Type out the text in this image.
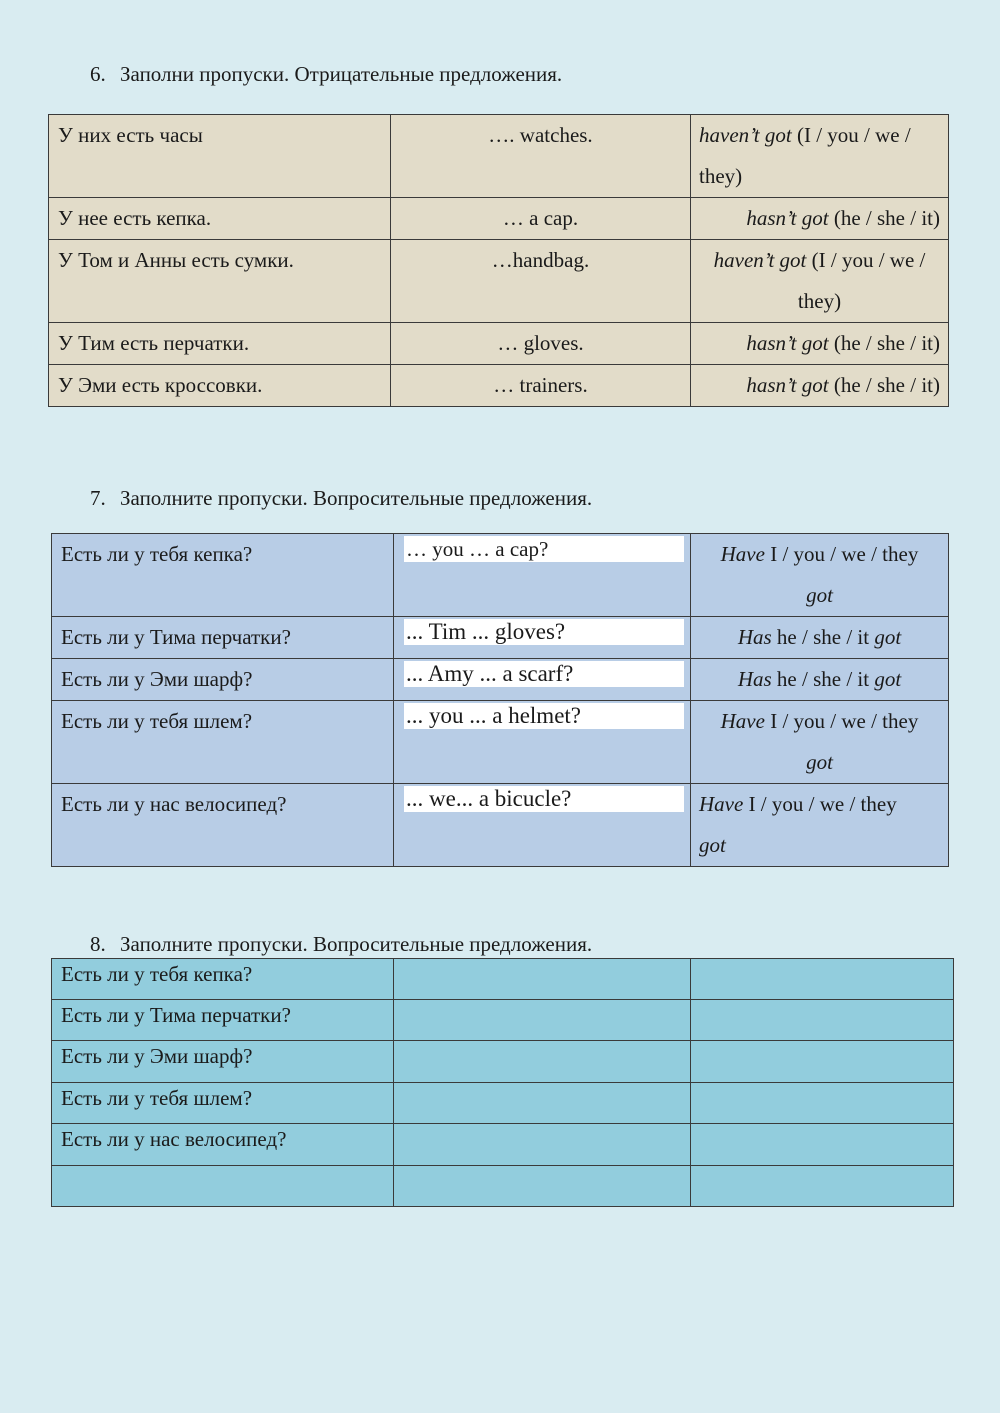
6. Заполни пропуски. Отрицательные предложения.
У них есть часы	…. watches.	haven’t got (I / you / we / they)

У нее есть кепка.	… a cap.	hasn’t got (he / she / it)

У Том и Анны есть сумки.	…handbag.	haven’t got (I / you / we / they)

У Тим есть перчатки.	… gloves.	hasn’t got (he / she / it)

У Эми есть кроссовки.	… trainers.	hasn’t got (he / she / it)
7. Заполните пропуски. Вопросительные предложения.
Есть ли у тебя кепка?	… you … a cap?	Have I / you / we / they
got

Есть ли у Тима перчатки?	... Tim ... gloves?	Has he / she / it got

Есть ли у Эми шарф?	... Amy ... a scarf?	Has he / she / it got

Есть ли у тебя шлем?	... you ... a helmet?	Have I / you / we / they
got

Есть ли у нас велосипед?	... we... a bicucle?	Have I / you / we / they
got
8. Заполните пропуски. Вопросительные предложения.
Есть ли у тебя кепка?		

Есть ли у Тима перчатки?		

Есть ли у Эми шарф?		

Есть ли у тебя шлем?		

Есть ли у нас велосипед?		
